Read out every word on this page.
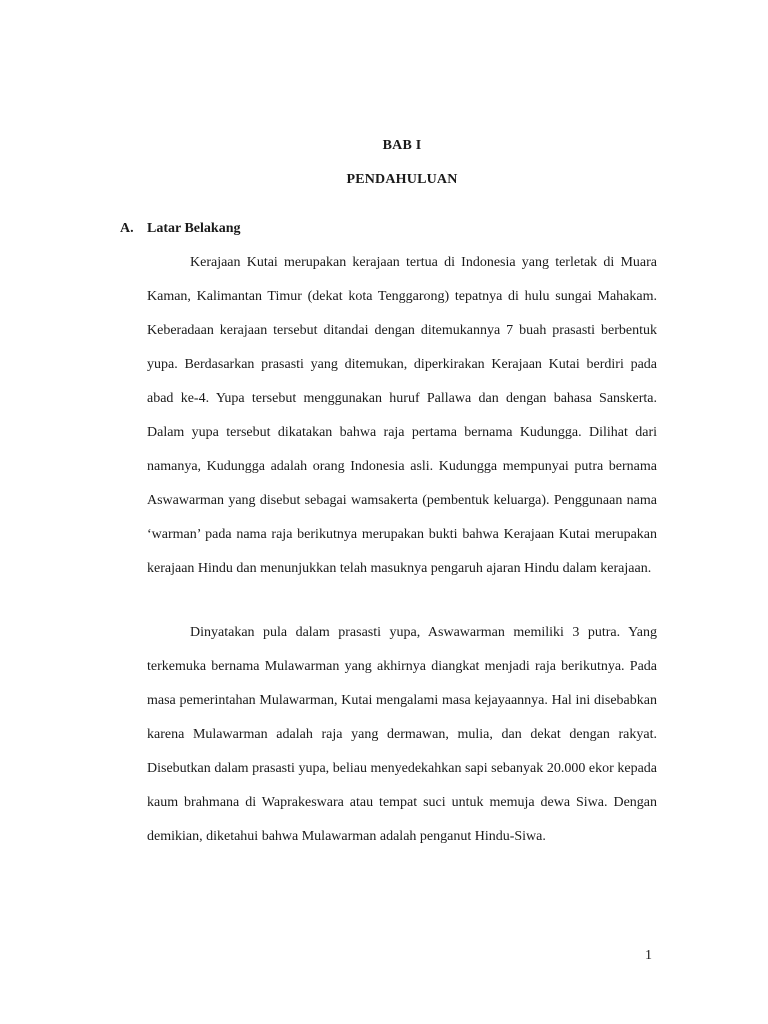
BAB I
PENDAHULUAN
A. Latar Belakang

Kerajaan Kutai merupakan kerajaan tertua di Indonesia yang terletak di Muara Kaman, Kalimantan Timur (dekat kota Tenggarong) tepatnya di hulu sungai Mahakam. Keberadaan kerajaan tersebut ditandai dengan ditemukannya 7 buah prasasti berbentuk yupa. Berdasarkan prasasti yang ditemukan, diperkirakan Kerajaan Kutai berdiri pada abad ke-4. Yupa tersebut menggunakan huruf Pallawa dan dengan bahasa Sanskerta. Dalam yupa tersebut dikatakan bahwa raja pertama bernama Kudungga. Dilihat dari namanya, Kudungga adalah orang Indonesia asli. Kudungga mempunyai putra bernama Aswawarman yang disebut sebagai wamsakerta (pembentuk keluarga). Penggunaan nama ‘warman’ pada nama raja berikutnya merupakan bukti bahwa Kerajaan Kutai merupakan kerajaan Hindu dan menunjukkan telah masuknya pengaruh ajaran Hindu dalam kerajaan.

Dinyatakan pula dalam prasasti yupa, Aswawarman memiliki 3 putra. Yang terkemuka bernama Mulawarman yang akhirnya diangkat menjadi raja berikutnya. Pada masa pemerintahan Mulawarman, Kutai mengalami masa kejayaannya. Hal ini disebabkan karena Mulawarman adalah raja yang dermawan, mulia, dan dekat dengan rakyat. Disebutkan dalam prasasti yupa, beliau menyedekahkan sapi sebanyak 20.000 ekor kepada kaum brahmana di Waprakeswara atau tempat suci untuk memuja dewa Siwa. Dengan demikian, diketahui bahwa Mulawarman adalah penganut Hindu-Siwa.

1
